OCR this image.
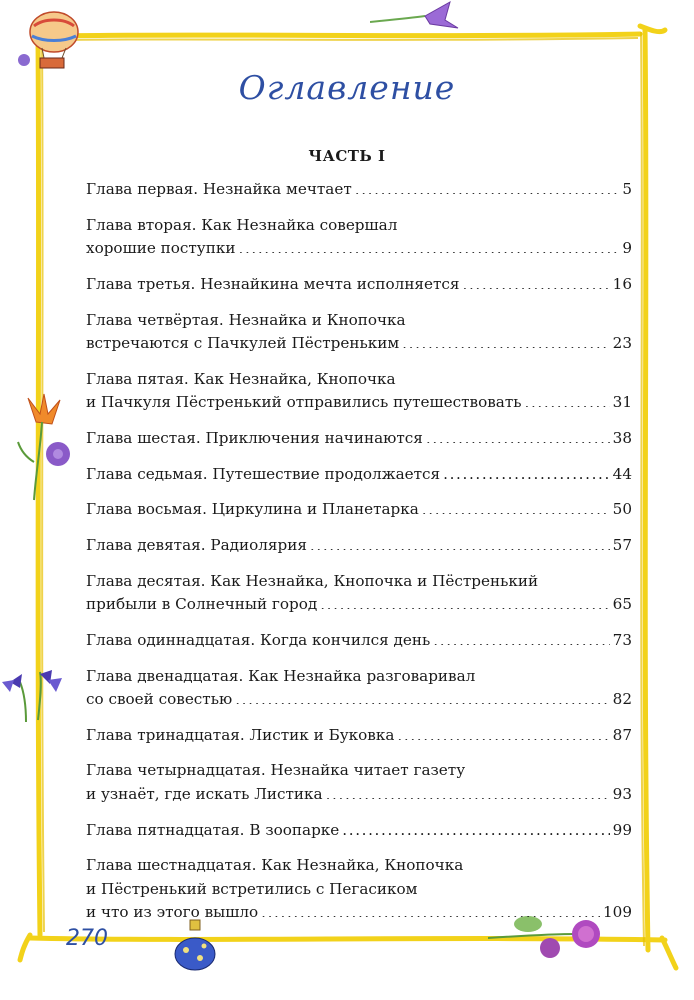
Оглавление
ЧАСТЬ I
Глава первая. Незнайка мечтает . . .	5
Глава вторая. Как Незнайка совершал
хорошие поступки . . .	9
Глава третья. Незнайкина мечта исполняется . . .	16
Глава четвёртая. Незнайка и Кнопочка
встречаются с Пачкулей Пёстреньким . . .	23
Глава пятая. Как Незнайка, Кнопочка
и Пачкуля Пёстренький отправились путешествовать . . .	31
Глава шестая. Приключения начинаются . . .	38
Глава седьмая. Путешествие продолжается . . .	44
Глава восьмая. Циркулина и Планетарка . . .	50
Глава девятая. Радиолярия . . .	57
Глава десятая. Как Незнайка, Кнопочка и Пёстренький
прибыли в Солнечный город . . .	65
Глава одиннадцатая. Когда кончился день . . .	73
Глава двенадцатая. Как Незнайка разговаривал
со своей совестью . . .	82
Глава тринадцатая. Листик и Буковка . . .	87
Глава четырнадцатая. Незнайка читает газету
и узнаёт, где искать Листика . . .	93
Глава пятнадцатая. В зоопарке . . .	99
Глава шестнадцатая. Как Незнайка, Кнопочка
и Пёстренький встретились с Пегасиком
и что из этого вышло . . .	109
270
